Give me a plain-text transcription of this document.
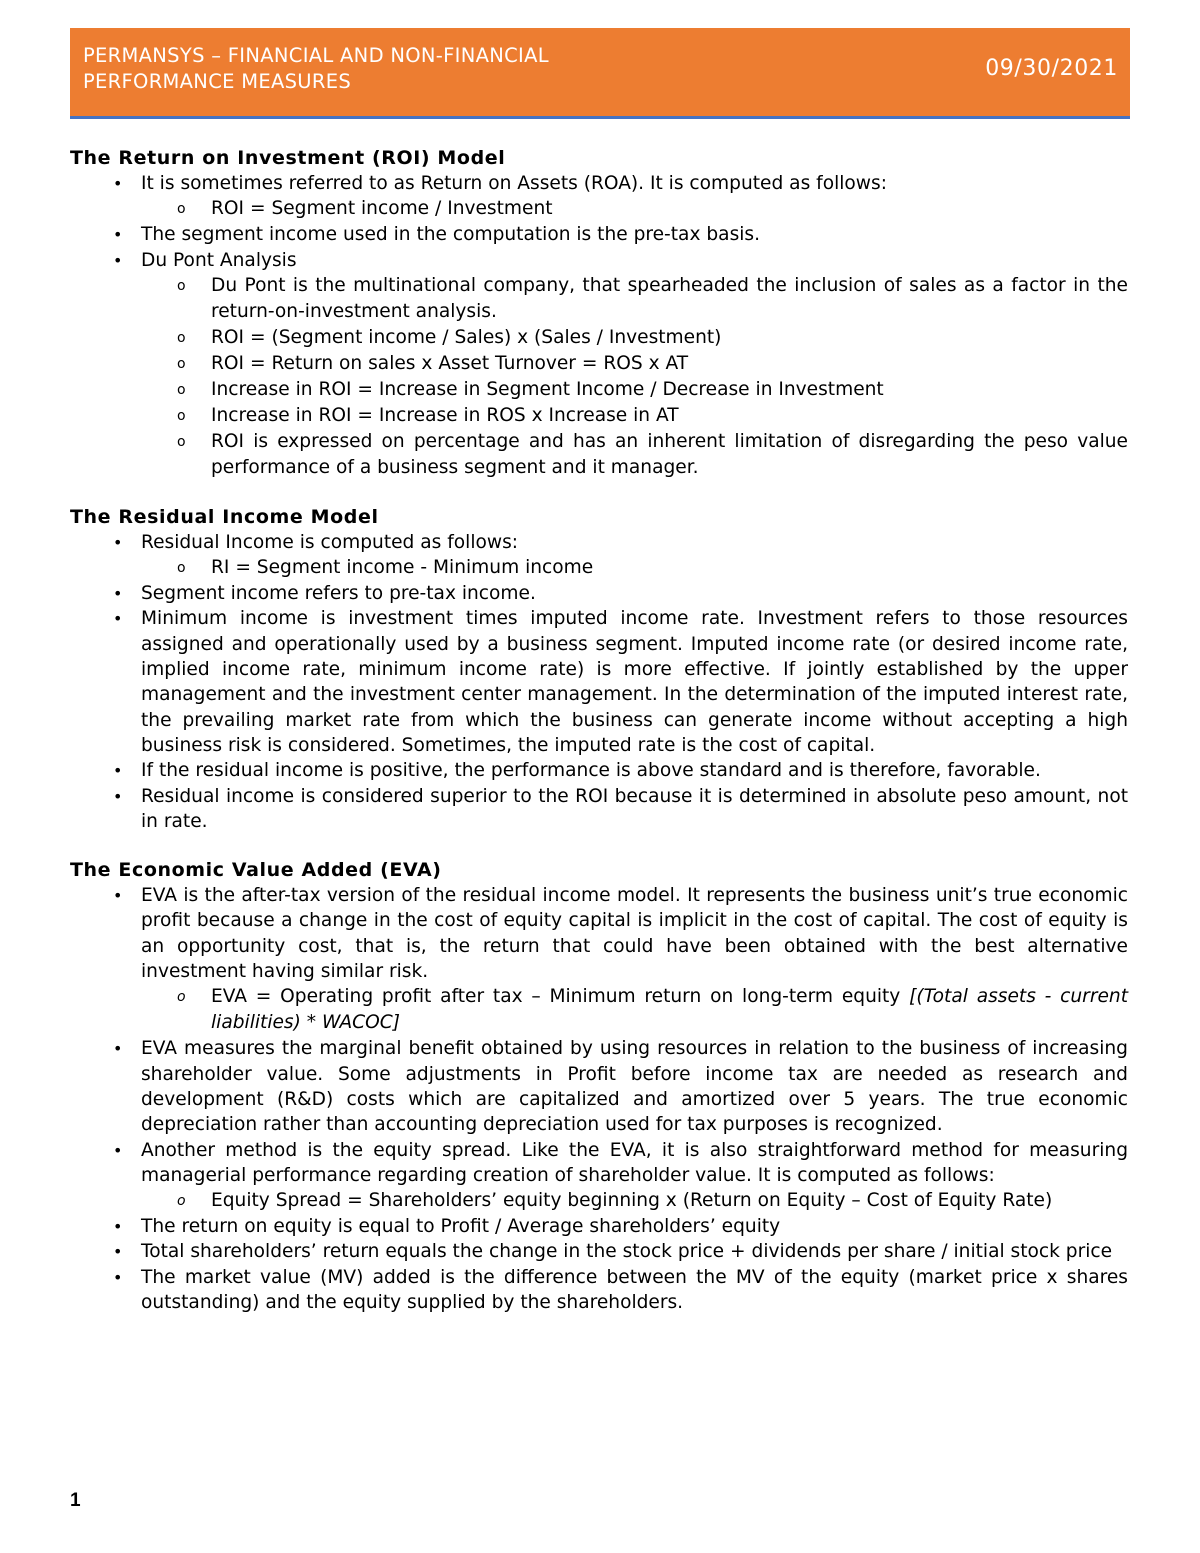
PERMANSYS – FINANCIAL AND NON-FINANCIAL PERFORMANCE MEASURES
09/30/2021
The Return on Investment (ROI) Model
• It is sometimes referred to as Return on Assets (ROA). It is computed as follows:
o ROI = Segment income / Investment
• The segment income used in the computation is the pre-tax basis.
• Du Pont Analysis
o Du Pont is the multinational company, that spearheaded the inclusion of sales as a factor in the return-on-investment analysis.
o ROI = (Segment income / Sales) x (Sales / Investment)
o ROI = Return on sales x Asset Turnover = ROS x AT
o Increase in ROI = Increase in Segment Income / Decrease in Investment
o Increase in ROI = Increase in ROS x Increase in AT
o ROI is expressed on percentage and has an inherent limitation of disregarding the peso value performance of a business segment and it manager.
The Residual Income Model
• Residual Income is computed as follows:
o RI = Segment income - Minimum income
• Segment income refers to pre-tax income.
• Minimum income is investment times imputed income rate. Investment refers to those resources assigned and operationally used by a business segment. Imputed income rate (or desired income rate, implied income rate, minimum income rate) is more effective. If jointly established by the upper management and the investment center management. In the determination of the imputed interest rate, the prevailing market rate from which the business can generate income without accepting a high business risk is considered. Sometimes, the imputed rate is the cost of capital.
• If the residual income is positive, the performance is above standard and is therefore, favorable.
• Residual income is considered superior to the ROI because it is determined in absolute peso amount, not in rate.
The Economic Value Added (EVA)
• EVA is the after-tax version of the residual income model. It represents the business unit’s true economic profit because a change in the cost of equity capital is implicit in the cost of capital. The cost of equity is an opportunity cost, that is, the return that could have been obtained with the best alternative investment having similar risk.
o EVA = Operating profit after tax – Minimum return on long-term equity [(Total assets - current liabilities) * WACOC]
• EVA measures the marginal benefit obtained by using resources in relation to the business of increasing shareholder value. Some adjustments in Profit before income tax are needed as research and development (R&D) costs which are capitalized and amortized over 5 years. The true economic depreciation rather than accounting depreciation used for tax purposes is recognized.
• Another method is the equity spread. Like the EVA, it is also straightforward method for measuring managerial performance regarding creation of shareholder value. It is computed as follows:
o Equity Spread = Shareholders’ equity beginning x (Return on Equity – Cost of Equity Rate)
• The return on equity is equal to Profit / Average shareholders’ equity
• Total shareholders’ return equals the change in the stock price + dividends per share / initial stock price
• The market value (MV) added is the difference between the MV of the equity (market price x shares outstanding) and the equity supplied by the shareholders.
1
